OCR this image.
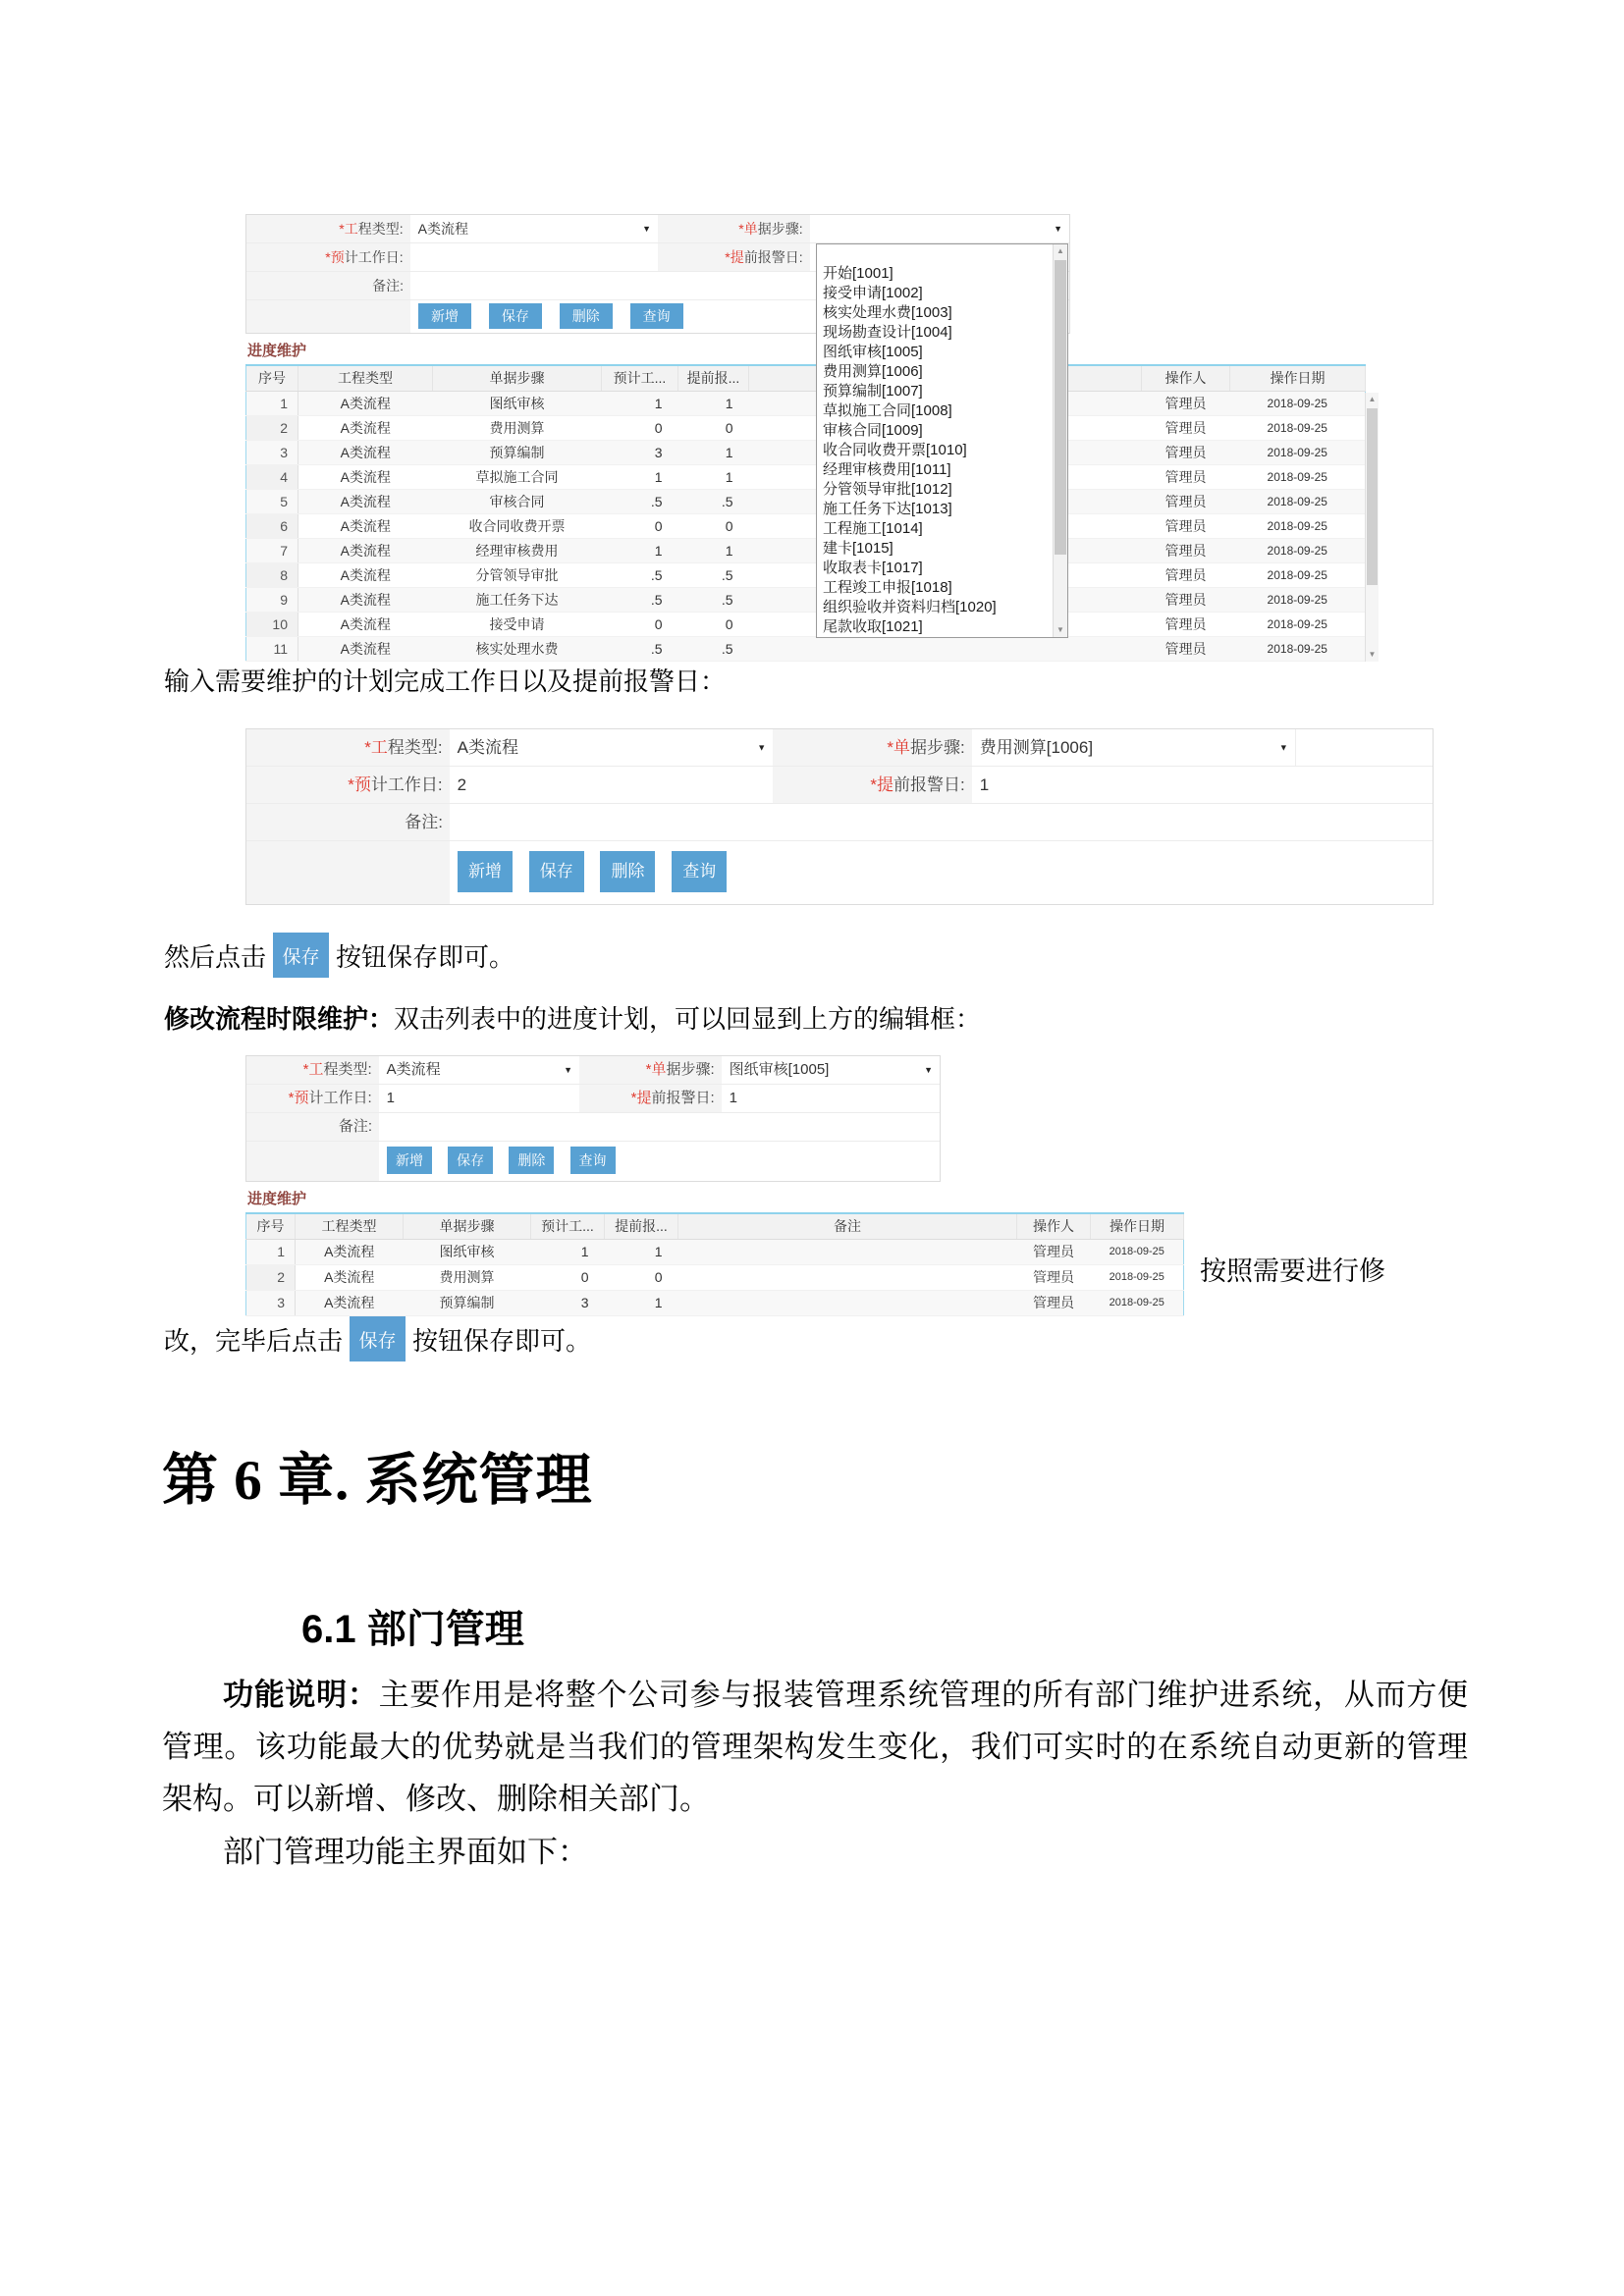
*工程类型:	A类流程	▼	*单据步骤:	▼
*预计工作日:	*提前报警日:
备注:
新增	保存	删除	查询
进度维护
序号	工程类型	单据步骤	预计工...	提前报...		操作人	操作日期
1	A类流程	图纸审核	1	1		管理员	2018-09-25
2	A类流程	费用测算	0	0		管理员	2018-09-25
3	A类流程	预算编制	3	1		管理员	2018-09-25
4	A类流程	草拟施工合同	1	1		管理员	2018-09-25
5	A类流程	审核合同	.5	.5		管理员	2018-09-25
6	A类流程	收合同收费开票	0	0		管理员	2018-09-25
7	A类流程	经理审核费用	1	1		管理员	2018-09-25
8	A类流程	分管领导审批	.5	.5		管理员	2018-09-25
9	A类流程	施工任务下达	.5	.5		管理员	2018-09-25
10	A类流程	接受申请	0	0		管理员	2018-09-25
11	A类流程	核实处理水费	.5	.5		管理员	2018-09-25
▲
▼
开始[1001]
接受申请[1002]
核实处理水费[1003]
现场勘查设计[1004]
图纸审核[1005]
费用测算[1006]
预算编制[1007]
草拟施工合同[1008]
审核合同[1009]
收合同收费开票[1010]
经理审核费用[1011]
分管领导审批[1012]
施工任务下达[1013]
工程施工[1014]
建卡[1015]
收取表卡[1017]
工程竣工申报[1018]
组织验收并资料归档[1020]
尾款收取[1021]
▲
▼

输入需要维护的计划完成工作日以及提前报警日：

*工程类型: A类流程	▼	*单据步骤: 费用测算[1006]	▼
*预计工作日: 2	*提前报警日: 1
备注:
新增 保存 删除 查询
然后点击 保存 按钮保存即可。

修改流程时限维护：双击列表中的进度计划，可以回显到上方的编辑框：

*工程类型:	A类流程	▼	*单据步骤:	图纸审核[1005]	▼
*预计工作日:	1	*提前报警日:	1
备注:
新增 保存 删除 查询
进度维护
序号	工程类型	单据步骤	预计工...	提前报...	备注	操作人	操作日期
1	A类流程	图纸审核	1	1		管理员	2018-09-25
2	A类流程	费用测算	0	0		管理员	2018-09-25
3	A类流程	预算编制	3	1		管理员	2018-09-25
按照需要进行修
改，完毕后点击 保存 按钮保存即可。
第 6 章. 系统管理
6.1 部门管理

功能说明：主要作用是将整个公司参与报装管理系统管理的所有部门维护进系统，从而方便管理。该功能最大的优势就是当我们的管理架构发生变化，我们可实时的在系统自动更新的管理架构。可以新增、修改、删除相关部门。

部门管理功能主界面如下：
